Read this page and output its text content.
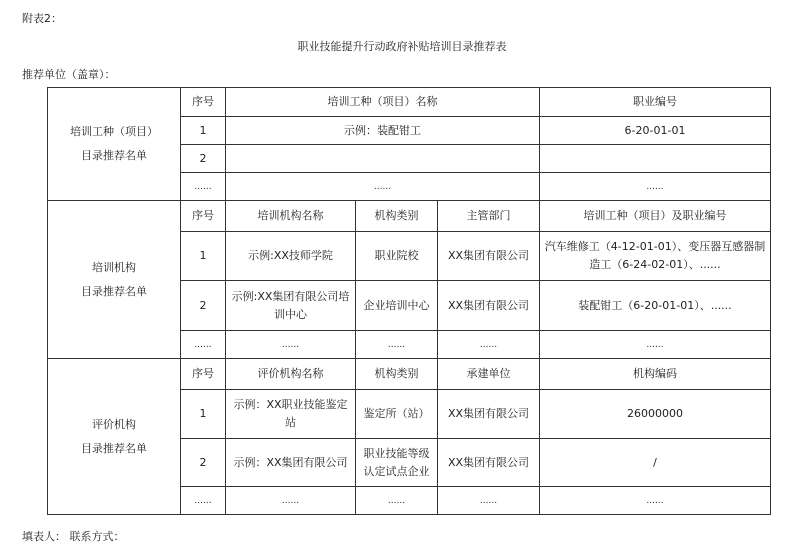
附表2：
职业技能提升行动政府补贴培训目录推荐表
推荐单位（盖章）：
培训工种（项目）
目录推荐名单	序号	培训工种（项目）名称			职业编号
	1	示例：装配钳工			6-20-01-01
	2				
	......	......			......

培训机构
目录推荐名单	序号	培训机构名称	机构类别	主管部门	培训工种（项目）及职业编号
	1	示例:XX技师学院	职业院校	XX集团有限公司	汽车维修工（4-12-01-01）、变压器互感器制造工（6-24-02-01）、......
	2	示例:XX集团有限公司培训中心	企业培训中心	XX集团有限公司	装配钳工（6-20-01-01）、......
	......	......	......	......	......

评价机构
目录推荐名单	序号	评价机构名称	机构类别	承建单位	机构编码
	1	示例：XX职业技能鉴定站	鉴定所（站）	XX集团有限公司	26000000
	2	示例：XX集团有限公司	职业技能等级认定试点企业	XX集团有限公司	/
	......	......	......	......	......
填表人： 联系方式：
